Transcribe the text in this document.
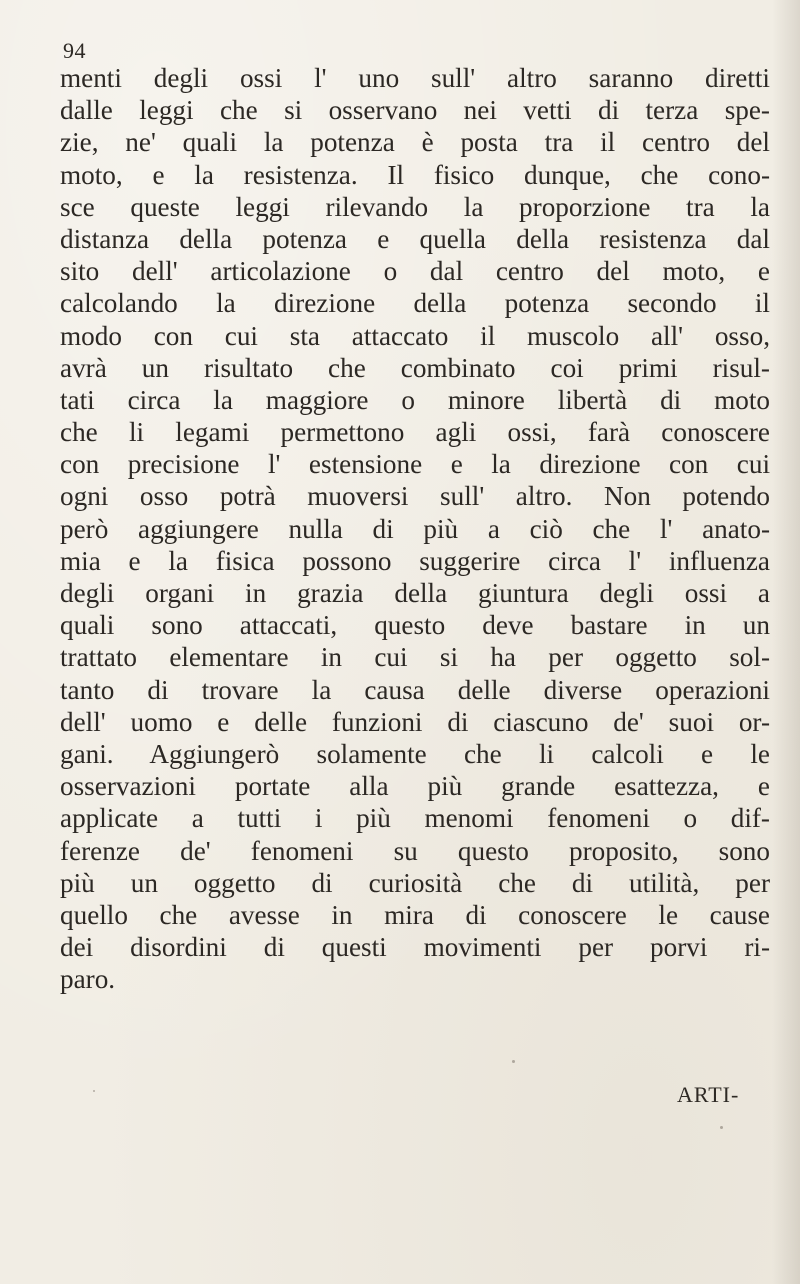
94
menti degli ossi l' uno sull' altro saranno diretti
dalle leggi che si osservano nei vetti di terza spe-
zie, ne' quali la potenza è posta tra il centro del
moto, e la resistenza. Il fisico dunque, che cono-
sce queste leggi rilevando la proporzione tra la
distanza della potenza e quella della resistenza dal
sito dell' articolazione o dal centro del moto, e
calcolando la direzione della potenza secondo il
modo con cui sta attaccato il muscolo all' osso,
avrà un risultato che combinato coi primi risul-
tati circa la maggiore o minore libertà di moto
che li legami permettono agli ossi, farà conoscere
con precisione l' estensione e la direzione con cui
ogni osso potrà muoversi sull' altro. Non potendo
però aggiungere nulla di più a ciò che l' anato-
mia e la fisica possono suggerire circa l' influenza
degli organi in grazia della giuntura degli ossi a
quali sono attaccati, questo deve bastare in un
trattato elementare in cui si ha per oggetto sol-
tanto di trovare la causa delle diverse operazioni
dell' uomo e delle funzioni di ciascuno de' suoi or-
gani. Aggiungerò solamente che li calcoli e le
osservazioni portate alla più grande esattezza, e
applicate a tutti i più menomi fenomeni o dif-
ferenze de' fenomeni su questo proposito, sono
più un oggetto di curiosità che di utilità, per
quello che avesse in mira di conoscere le cause
dei disordini di questi movimenti per porvi ri-
paro.
ARTI-
